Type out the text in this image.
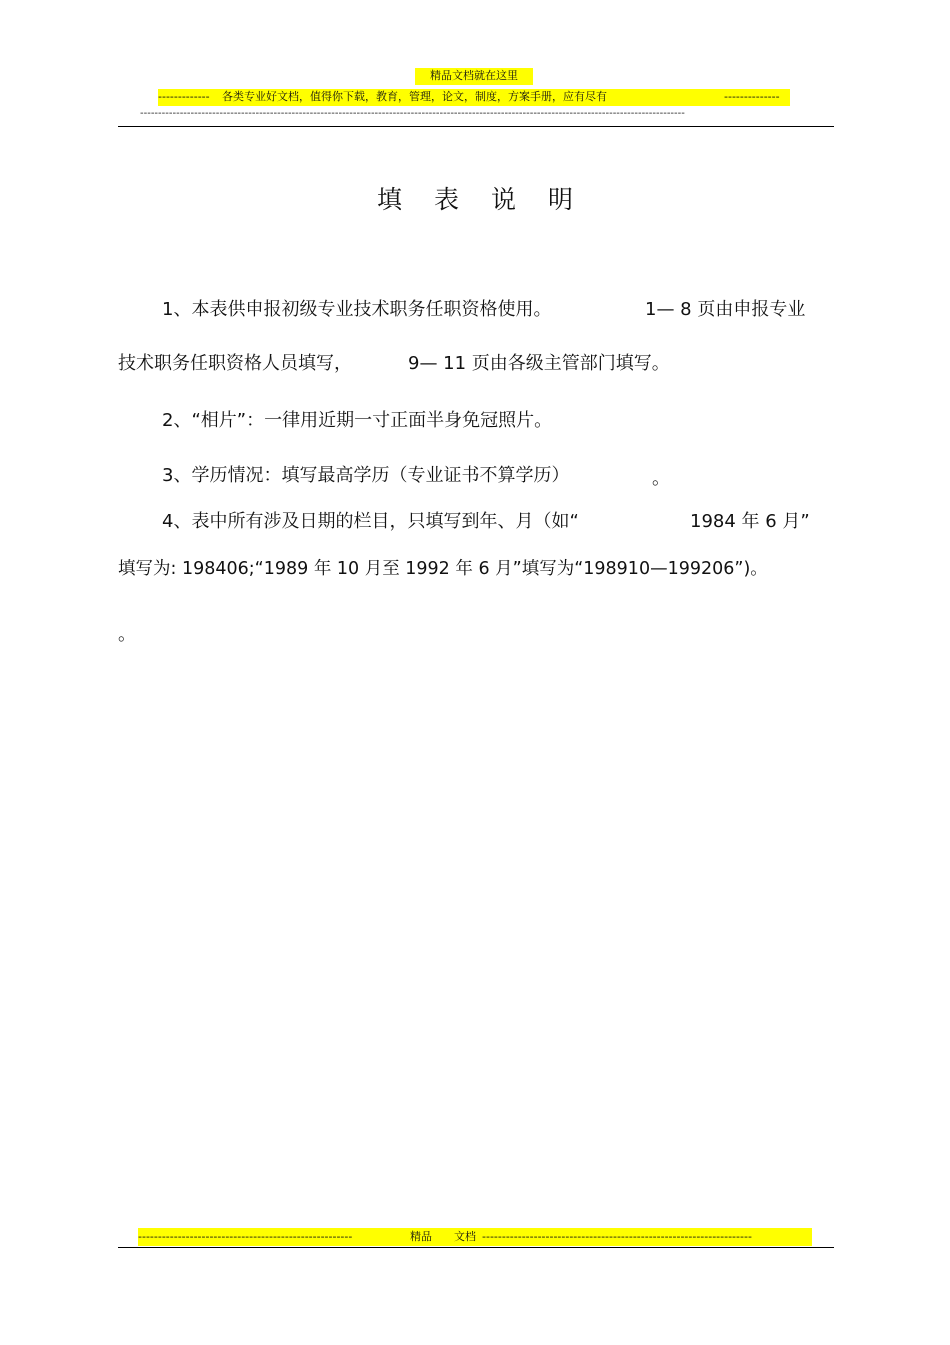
精品文档就在这里
------------- 各类专业好文档，值得你下载，教育，管理，论文，制度，方案手册，应有尽有	--------------
-------------------------------------------------------------------------------------------------------------------------------------------------------
填表说明
1、本表供申报初级专业技术职务任职资格使用。	1— 8 页由申报专业
技术职务任职资格人员填写，	9— 11 页由各级主管部门填写。
2、“相片”：一律用近期一寸正面半身免冠照片。
3、学历情况：填写最高学历（专业证书不算学历）	。
4、表中所有涉及日期的栏目，只填写到年、月（如“	1984 年 6 月”
填写为: 198406;“1989 年 10 月至 1992 年 6 月”填写为“198910—199206”)。
。
------------------------------------------------------	精品 文档 --------------------------------------------------------------------
